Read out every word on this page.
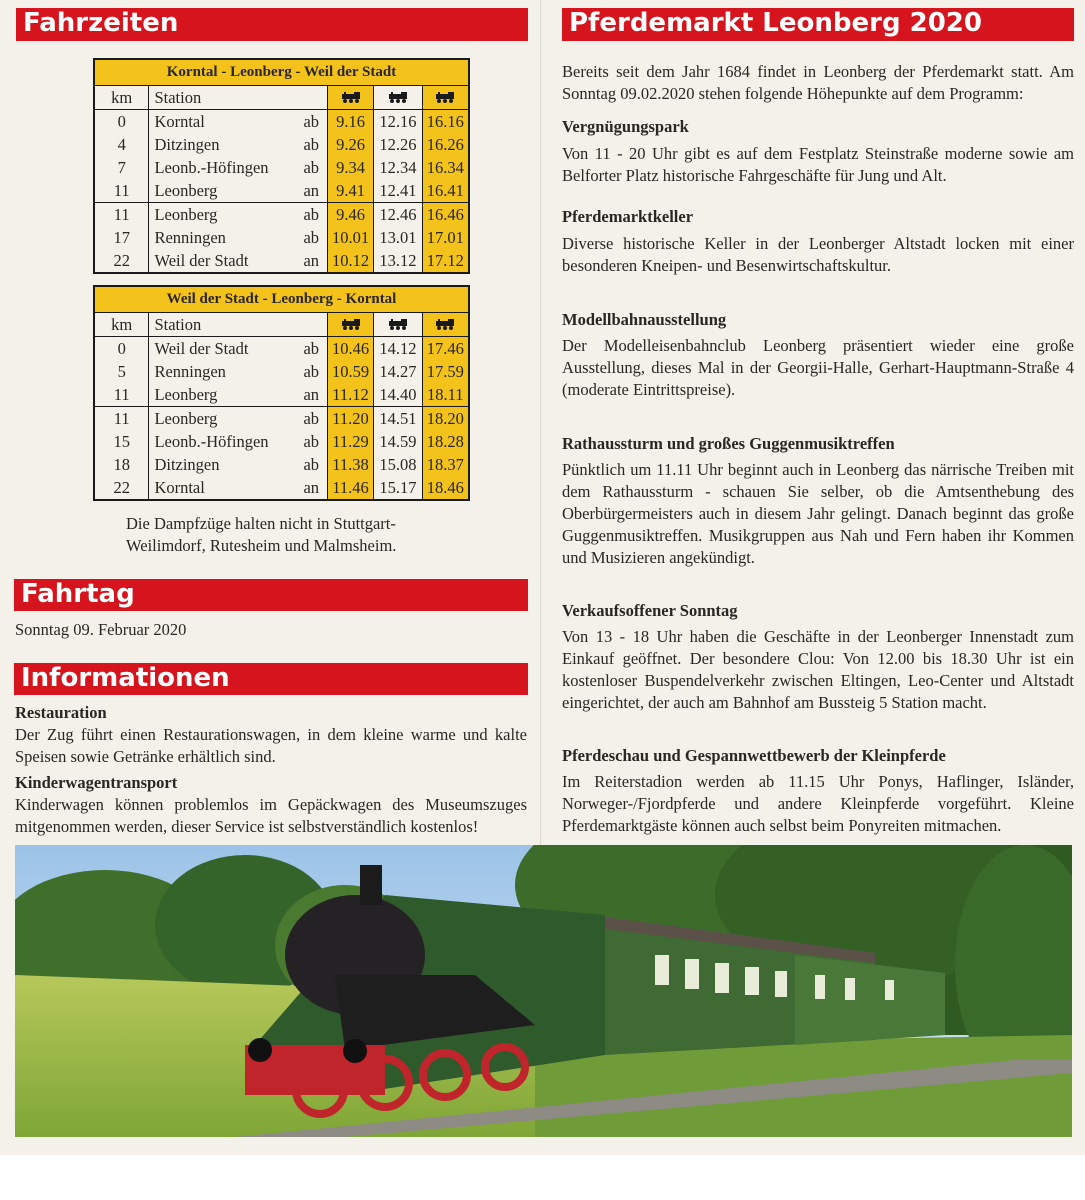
Fahrzeiten
Korntal - Leonberg - Weil der Stadt					
km	Station				
0	Korntal	ab	9.16	12.16	16.16
4	Ditzingen	ab	9.26	12.26	16.26
7	Leonb.-Höfingen	ab	9.34	12.34	16.34
11	Leonberg	an	9.41	12.41	16.41
11	Leonberg	ab	9.46	12.46	16.46
17	Renningen	ab	10.01	13.01	17.01
22	Weil der Stadt	an	10.12	13.12	17.12
Weil der Stadt - Leonberg - Korntal					
km	Station				
0	Weil der Stadt	ab	10.46	14.12	17.46
5	Renningen	ab	10.59	14.27	17.59
11	Leonberg	an	11.12	14.40	18.11
11	Leonberg	ab	11.20	14.51	18.20
15	Leonb.-Höfingen	ab	11.29	14.59	18.28
18	Ditzingen	ab	11.38	15.08	18.37
22	Korntal	an	11.46	15.17	18.46
Die Dampfzüge halten nicht in Stuttgart-
Weilimdorf, Rutesheim und Malmsheim.
Fahrtag
Sonntag 09. Februar 2020
Informationen
Restauration
Der Zug führt einen Restaurationswagen, in dem kleine warme und kalte Speisen sowie Getränke erhältlich sind.
Kinderwagentransport
Kinderwagen können problemlos im Gepäckwagen des Museumszuges mitgenommen werden, dieser Service ist selbstverständlich kostenlos!
Pferdemarkt Leonberg 2020
Bereits seit dem Jahr 1684 findet in Leonberg der Pferdemarkt statt. Am Sonntag 09.02.2020 stehen folgende Höhepunkte auf dem Programm:
Vergnügungspark
Von 11 - 20 Uhr gibt es auf dem Festplatz Steinstraße moderne sowie am Belforter Platz historische Fahrgeschäfte für Jung und Alt.
Pferdemarktkeller
Diverse historische Keller in der Leonberger Altstadt locken mit einer besonderen Kneipen- und Besenwirtschaftskultur.
Modellbahnausstellung
Der Modelleisenbahnclub Leonberg präsentiert wieder eine große Ausstellung, dieses Mal in der Georgii-Halle, Gerhart-Hauptmann-Straße 4 (moderate Eintrittspreise).
Rathaussturm und großes Guggenmusiktreffen
Pünktlich um 11.11 Uhr beginnt auch in Leonberg das närrische Treiben mit dem Rathaussturm - schauen Sie selber, ob die Amtsenthebung des Oberbürgermeisters auch in diesem Jahr gelingt. Danach beginnt das große Guggenmusiktreffen. Musikgruppen aus Nah und Fern haben ihr Kommen und Musizieren angekündigt.
Verkaufsoffener Sonntag
Von 13 - 18 Uhr haben die Geschäfte in der Leonberger Innenstadt zum Einkauf geöffnet. Der besondere Clou: Von 12.00 bis 18.30 Uhr ist ein kostenloser Buspendelverkehr zwischen Eltingen, Leo-Center und Altstadt eingerichtet, der auch am Bahnhof am Bussteig 5 Station macht.
Pferdeschau und Gespannwettbewerb der Kleinpferde
Im Reiterstadion werden ab 11.15 Uhr Ponys, Haflinger, Isländer, Norweger-/Fjordpferde und andere Kleinpferde vorgeführt. Kleine Pferdemarktgäste können auch selbst beim Ponyreiten mitmachen.
